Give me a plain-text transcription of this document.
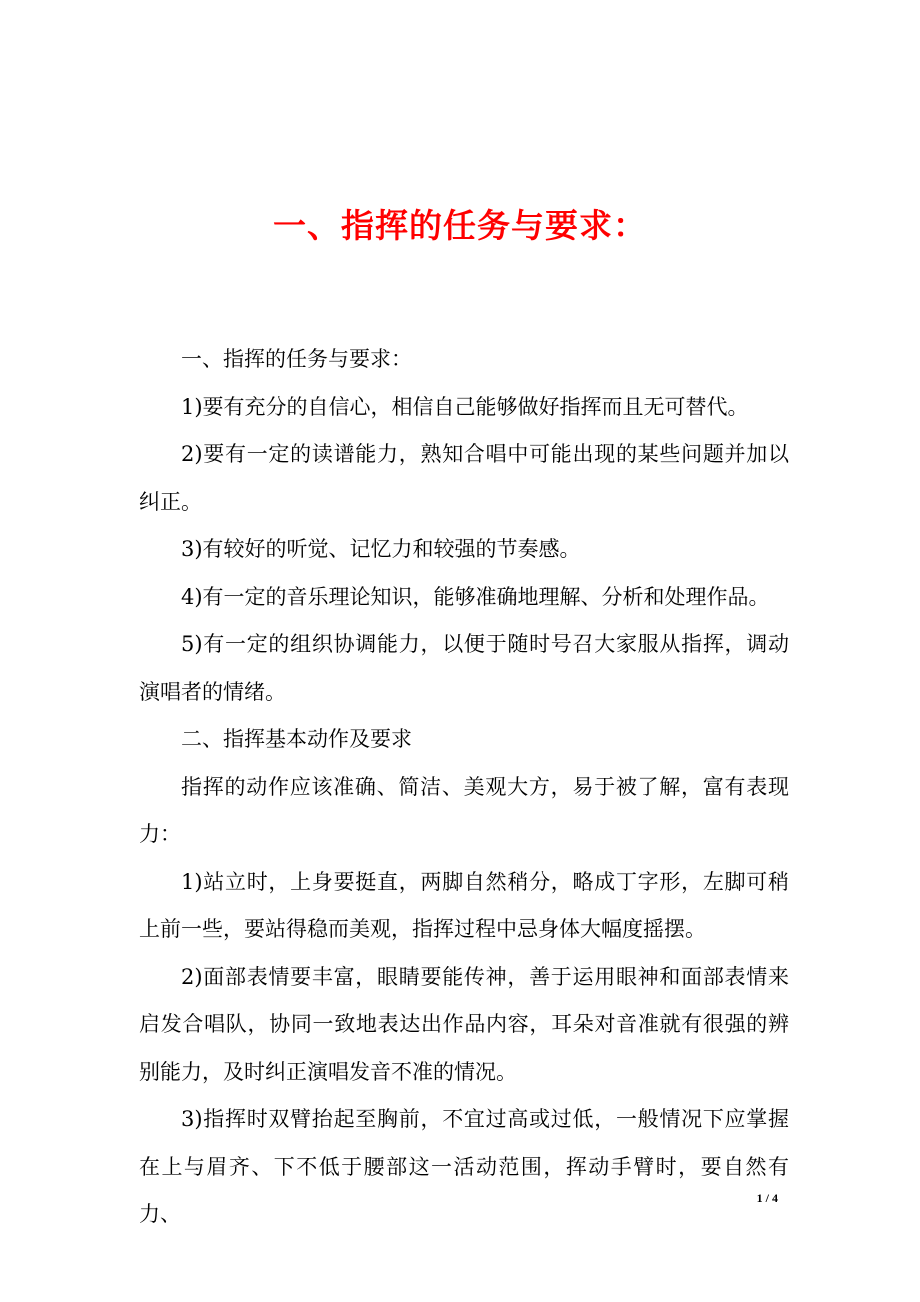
一、指挥的任务与要求：

一、指挥的任务与要求：

1)要有充分的自信心，相信自己能够做好指挥而且无可替代。

2)要有一定的读谱能力，熟知合唱中可能出现的某些问题并加以纠正。

3)有较好的听觉、记忆力和较强的节奏感。

4)有一定的音乐理论知识，能够准确地理解、分析和处理作品。

5)有一定的组织协调能力，以便于随时号召大家服从指挥，调动演唱者的情绪。

二、指挥基本动作及要求

指挥的动作应该准确、简洁、美观大方，易于被了解，富有表现力：

1)站立时，上身要挺直，两脚自然稍分，略成丁字形，左脚可稍上前一些，要站得稳而美观，指挥过程中忌身体大幅度摇摆。

2)面部表情要丰富，眼睛要能传神，善于运用眼神和面部表情来启发合唱队，协同一致地表达出作品内容，耳朵对音准就有很强的辨别能力，及时纠正演唱发音不准的情况。

3)指挥时双臂抬起至胸前，不宜过高或过低，一般情况下应掌握在上与眉齐、下不低于腰部这一活动范围，挥动手臂时，要自然有力、

1 / 4
